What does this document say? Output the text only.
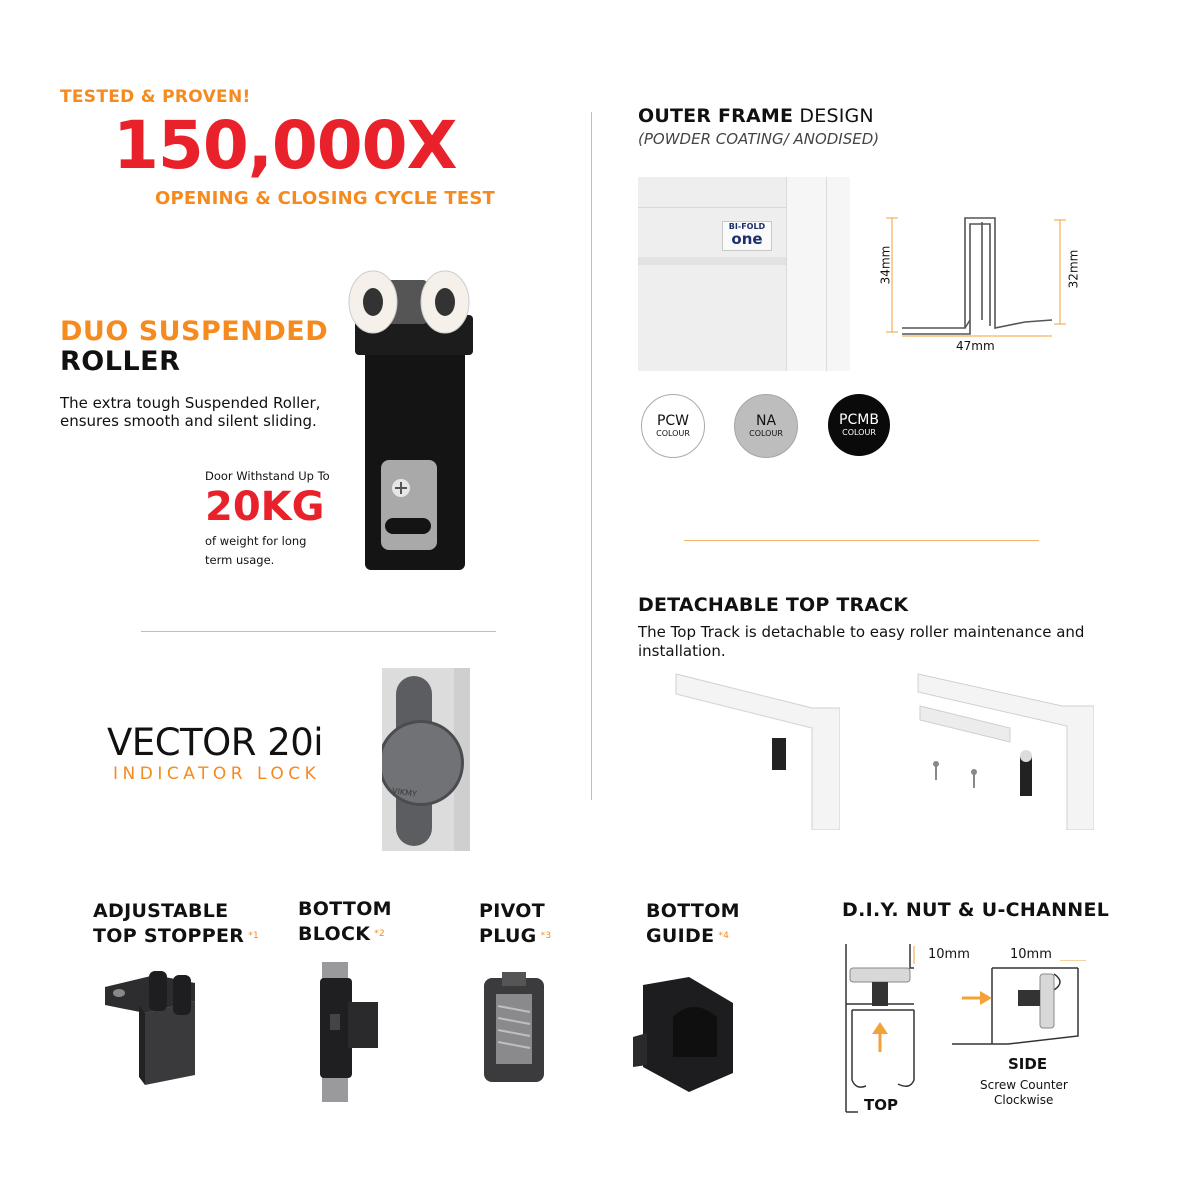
TESTED & PROVEN!
150,000X
OPENING & CLOSING CYCLE TEST
DUO SUSPENDED
ROLLER
The extra tough Suspended Roller,
ensures smooth and silent sliding.
Door Withstand Up To
20KG
of weight for long
term usage.
VECTOR 20i
INDICATOR LOCK
VIKMY
OUTER FRAME DESIGN
(POWDER COATING/ ANODISED)
BI-FOLD
one
34mm	32mm
47mm
PCW
COLOUR
NA
COLOUR
PCMB
COLOUR
DETACHABLE TOP TRACK
The Top Track is detachable to easy roller maintenance and
installation.
ADJUSTABLE
TOP STOPPER $^{*1}$
BOTTOM
BLOCK $^{*2}$
PIVOT
PLUG $^{*3}$
BOTTOM
GUIDE $^{*4}$
D.I.Y. NUT & U-CHANNEL
10mm
TOP
10mm
SIDE
Screw Counter
Clockwise
